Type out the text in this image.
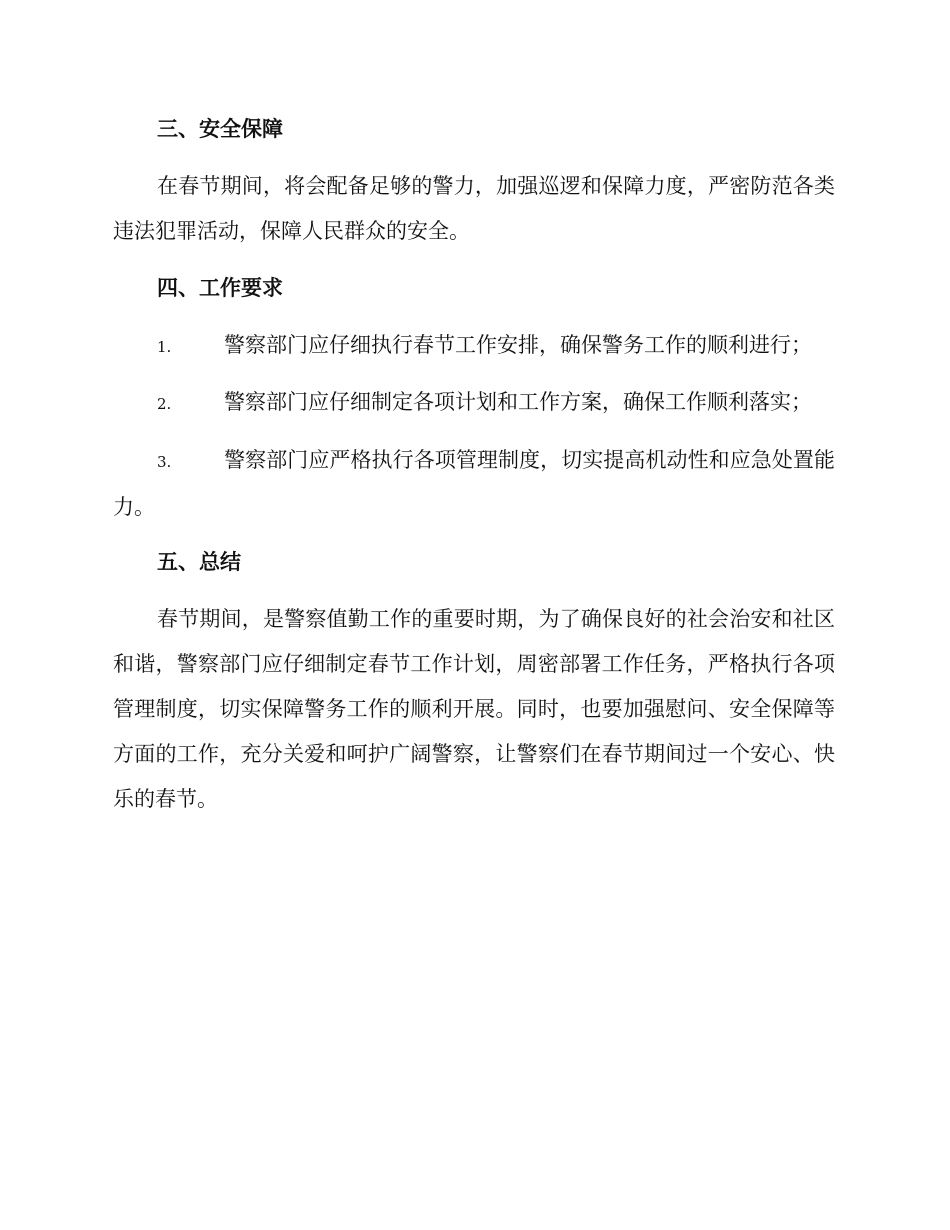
三、安全保障

在春节期间，将会配备足够的警力，加强巡逻和保障力度，严密防范各类违法犯罪活动，保障人民群众的安全。

四、工作要求

1.	警察部门应仔细执行春节工作安排，确保警务工作的顺利进行；

2.	警察部门应仔细制定各项计划和工作方案，确保工作顺利落实；

3.	警察部门应严格执行各项管理制度，切实提高机动性和应急处置能力。

五、总结

春节期间，是警察值勤工作的重要时期，为了确保良好的社会治安和社区和谐，警察部门应仔细制定春节工作计划，周密部署工作任务，严格执行各项管理制度，切实保障警务工作的顺利开展。同时，也要加强慰问、安全保障等方面的工作，充分关爱和呵护广阔警察，让警察们在春节期间过一个安心、快乐的春节。
